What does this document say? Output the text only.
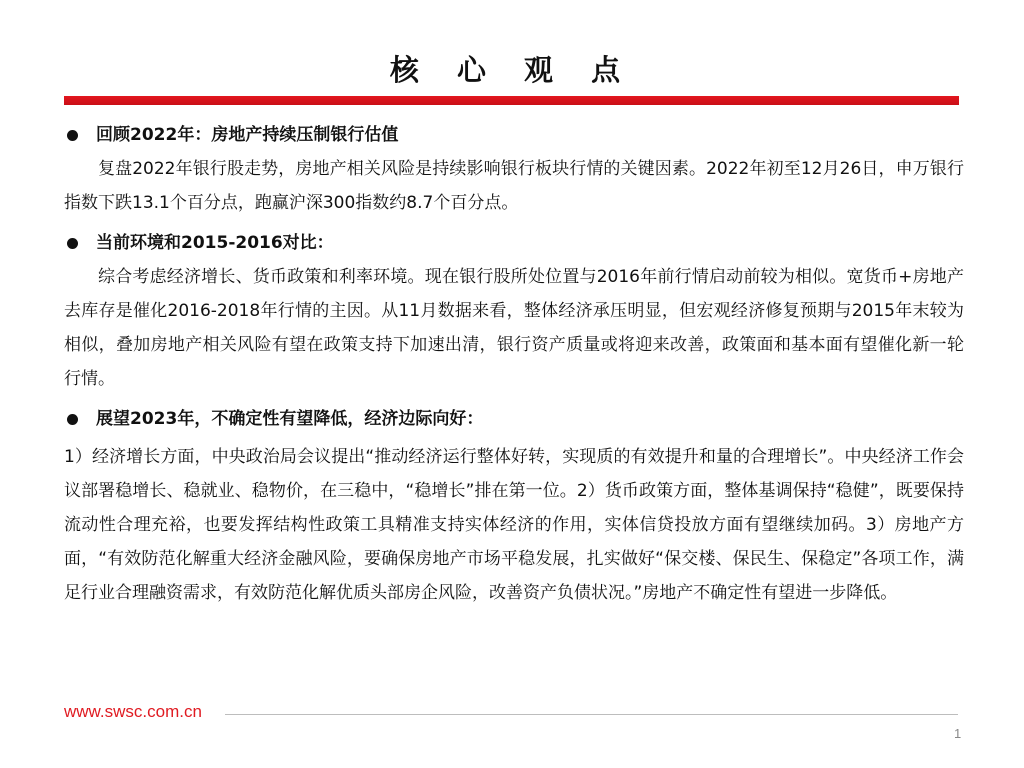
核 心 观 点
回顾2022年：房地产持续压制银行估值
复盘2022年银行股走势，房地产相关风险是持续影响银行板块行情的关键因素。2022年初至12月26日，申万银行指数下跌13.1个百分点，跑赢沪深300指数约8.7个百分点。
当前环境和2015-2016对比：
综合考虑经济增长、货币政策和利率环境。现在银行股所处位置与2016年前行情启动前较为相似。宽货币+房地产去库存是催化2016-2018年行情的主因。从11月数据来看，整体经济承压明显，但宏观经济修复预期与2015年末较为相似，叠加房地产相关风险有望在政策支持下加速出清，银行资产质量或将迎来改善，政策面和基本面有望催化新一轮行情。
展望2023年，不确定性有望降低，经济边际向好：
1）经济增长方面，中央政治局会议提出“推动经济运行整体好转，实现质的有效提升和量的合理增长”。中央经济工作会议部署稳增长、稳就业、稳物价，在三稳中，“稳增长”排在第一位。2）货币政策方面，整体基调保持“稳健”，既要保持流动性合理充裕，也要发挥结构性政策工具精准支持实体经济的作用，实体信贷投放方面有望继续加码。3）房地产方面，“有效防范化解重大经济金融风险，要确保房地产市场平稳发展，扎实做好“保交楼、保民生、保稳定”各项工作，满足行业合理融资需求，有效防范化解优质头部房企风险，改善资产负债状况。”房地产不确定性有望进一步降低。
www.swsc.com.cn
1
